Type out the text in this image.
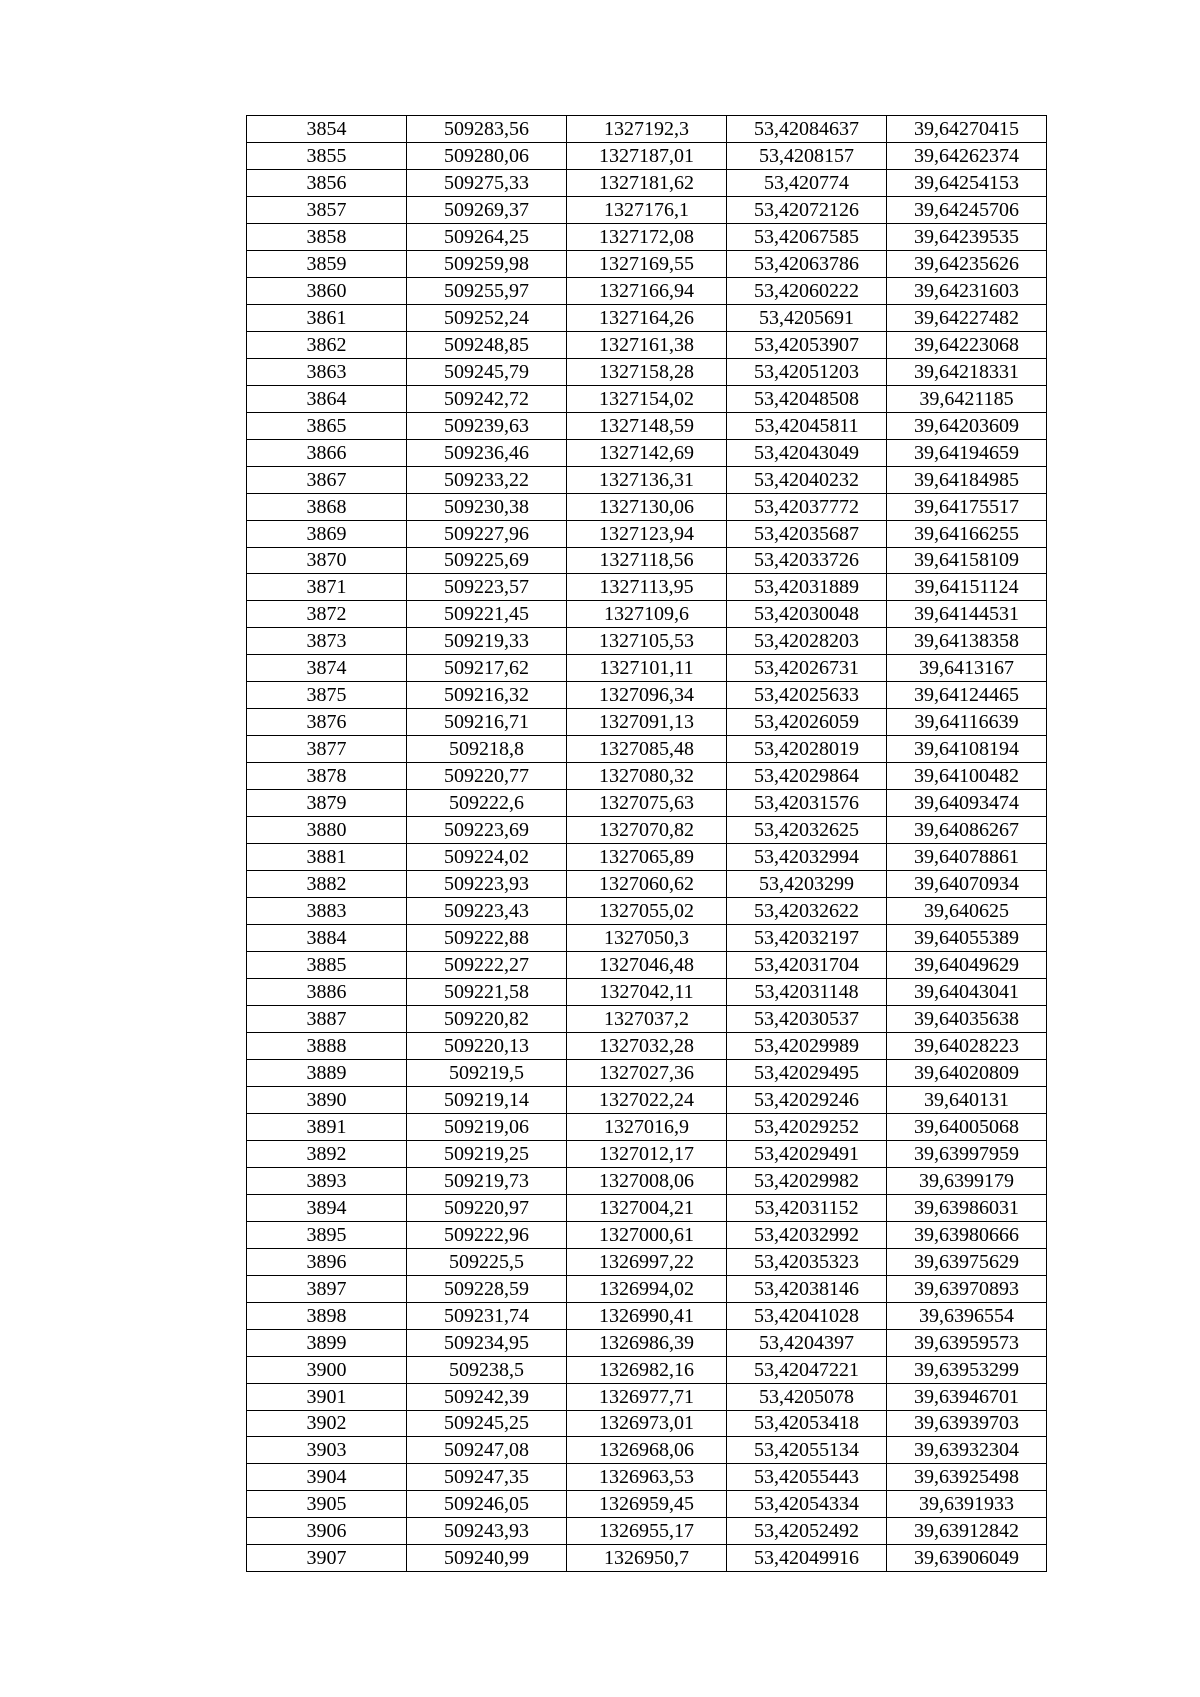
3854	509283,56	1327192,3	53,42084637	39,64270415
3855	509280,06	1327187,01	53,4208157	39,64262374
3856	509275,33	1327181,62	53,420774	39,64254153
3857	509269,37	1327176,1	53,42072126	39,64245706
3858	509264,25	1327172,08	53,42067585	39,64239535
3859	509259,98	1327169,55	53,42063786	39,64235626
3860	509255,97	1327166,94	53,42060222	39,64231603
3861	509252,24	1327164,26	53,4205691	39,64227482
3862	509248,85	1327161,38	53,42053907	39,64223068
3863	509245,79	1327158,28	53,42051203	39,64218331
3864	509242,72	1327154,02	53,42048508	39,6421185
3865	509239,63	1327148,59	53,42045811	39,64203609
3866	509236,46	1327142,69	53,42043049	39,64194659
3867	509233,22	1327136,31	53,42040232	39,64184985
3868	509230,38	1327130,06	53,42037772	39,64175517
3869	509227,96	1327123,94	53,42035687	39,64166255
3870	509225,69	1327118,56	53,42033726	39,64158109
3871	509223,57	1327113,95	53,42031889	39,64151124
3872	509221,45	1327109,6	53,42030048	39,64144531
3873	509219,33	1327105,53	53,42028203	39,64138358
3874	509217,62	1327101,11	53,42026731	39,6413167
3875	509216,32	1327096,34	53,42025633	39,64124465
3876	509216,71	1327091,13	53,42026059	39,64116639
3877	509218,8	1327085,48	53,42028019	39,64108194
3878	509220,77	1327080,32	53,42029864	39,64100482
3879	509222,6	1327075,63	53,42031576	39,64093474
3880	509223,69	1327070,82	53,42032625	39,64086267
3881	509224,02	1327065,89	53,42032994	39,64078861
3882	509223,93	1327060,62	53,4203299	39,64070934
3883	509223,43	1327055,02	53,42032622	39,640625
3884	509222,88	1327050,3	53,42032197	39,64055389
3885	509222,27	1327046,48	53,42031704	39,64049629
3886	509221,58	1327042,11	53,42031148	39,64043041
3887	509220,82	1327037,2	53,42030537	39,64035638
3888	509220,13	1327032,28	53,42029989	39,64028223
3889	509219,5	1327027,36	53,42029495	39,64020809
3890	509219,14	1327022,24	53,42029246	39,640131
3891	509219,06	1327016,9	53,42029252	39,64005068
3892	509219,25	1327012,17	53,42029491	39,63997959
3893	509219,73	1327008,06	53,42029982	39,6399179
3894	509220,97	1327004,21	53,42031152	39,63986031
3895	509222,96	1327000,61	53,42032992	39,63980666
3896	509225,5	1326997,22	53,42035323	39,63975629
3897	509228,59	1326994,02	53,42038146	39,63970893
3898	509231,74	1326990,41	53,42041028	39,6396554
3899	509234,95	1326986,39	53,4204397	39,63959573
3900	509238,5	1326982,16	53,42047221	39,63953299
3901	509242,39	1326977,71	53,4205078	39,63946701
3902	509245,25	1326973,01	53,42053418	39,63939703
3903	509247,08	1326968,06	53,42055134	39,63932304
3904	509247,35	1326963,53	53,42055443	39,63925498
3905	509246,05	1326959,45	53,42054334	39,6391933
3906	509243,93	1326955,17	53,42052492	39,63912842
3907	509240,99	1326950,7	53,42049916	39,63906049
